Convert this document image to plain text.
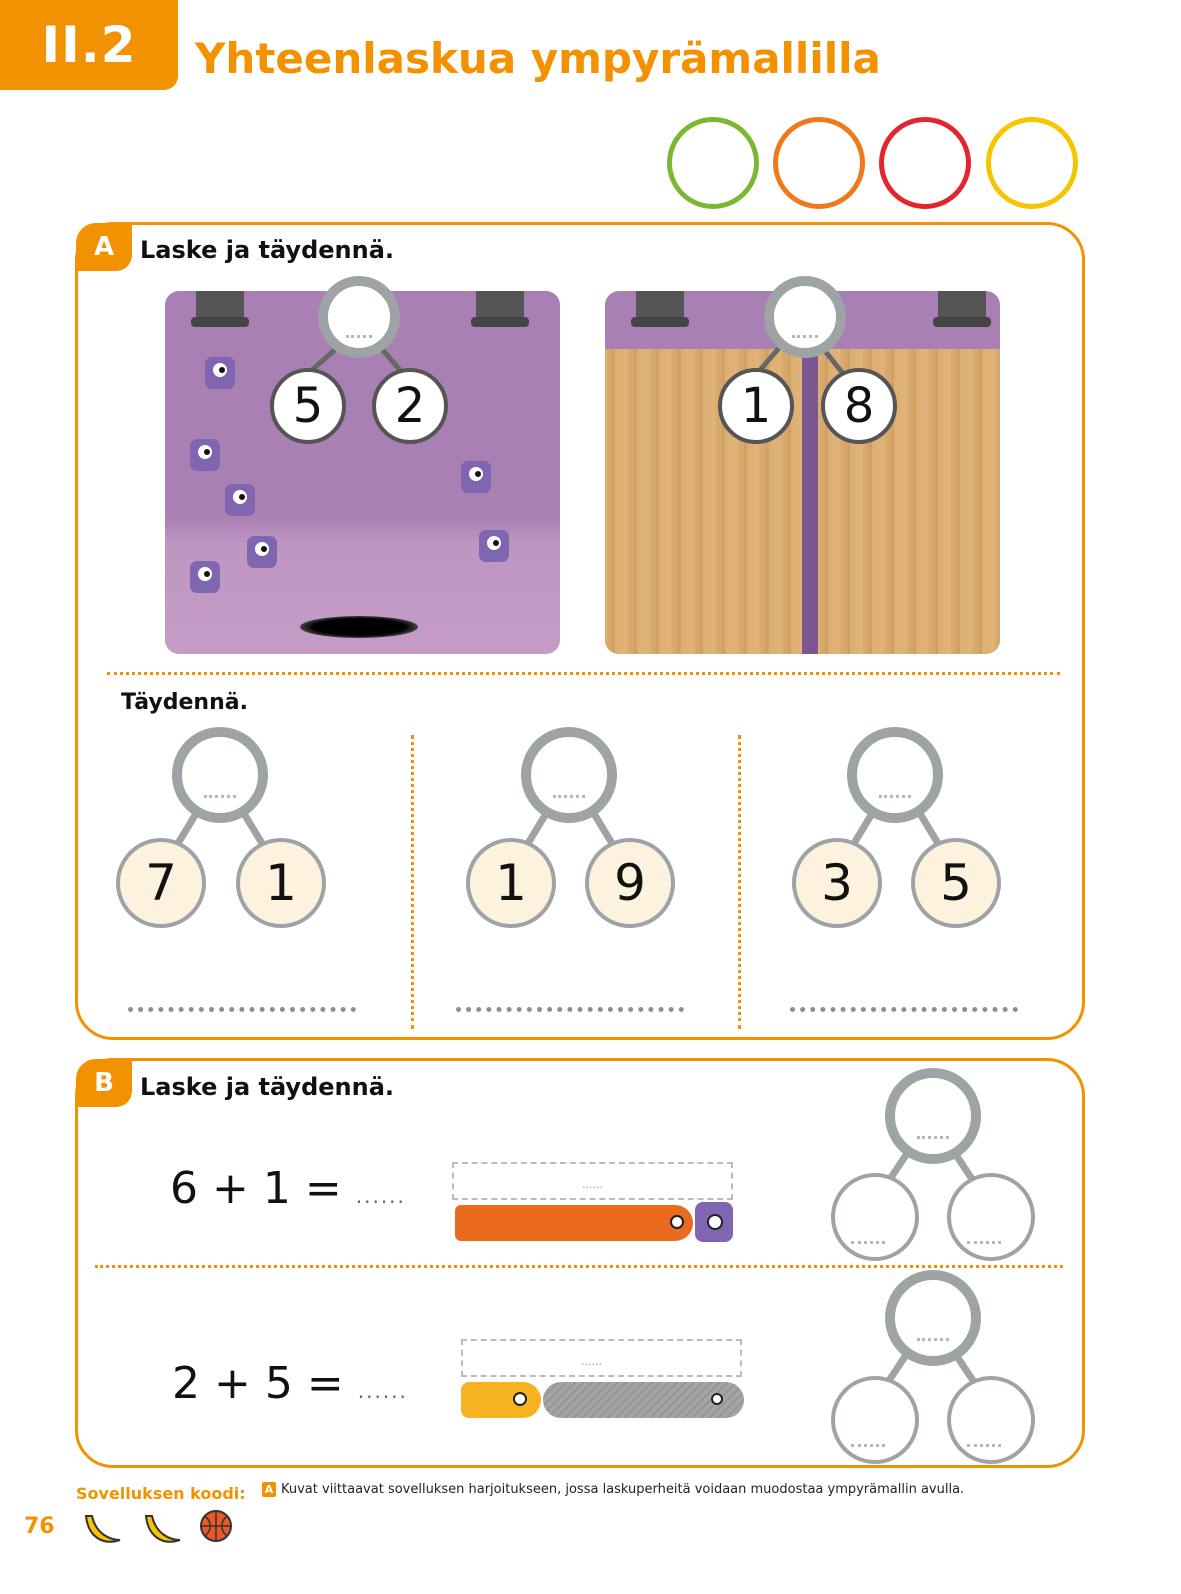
II.2	Yhteenlaskua ympyrämallilla
A	Laske ja täydennä.
5	2	1	8
Täydennä.
7	1	1	9	3	5
B	Laske ja täydennä.
6 + 1 = ......	......
2 + 5 = ......
......
Sovelluksen koodi: A Kuvat viittaavat sovelluksen harjoitukseen, jossa laskuperheitä voidaan muodostaa ympyrämallin avulla.
76
